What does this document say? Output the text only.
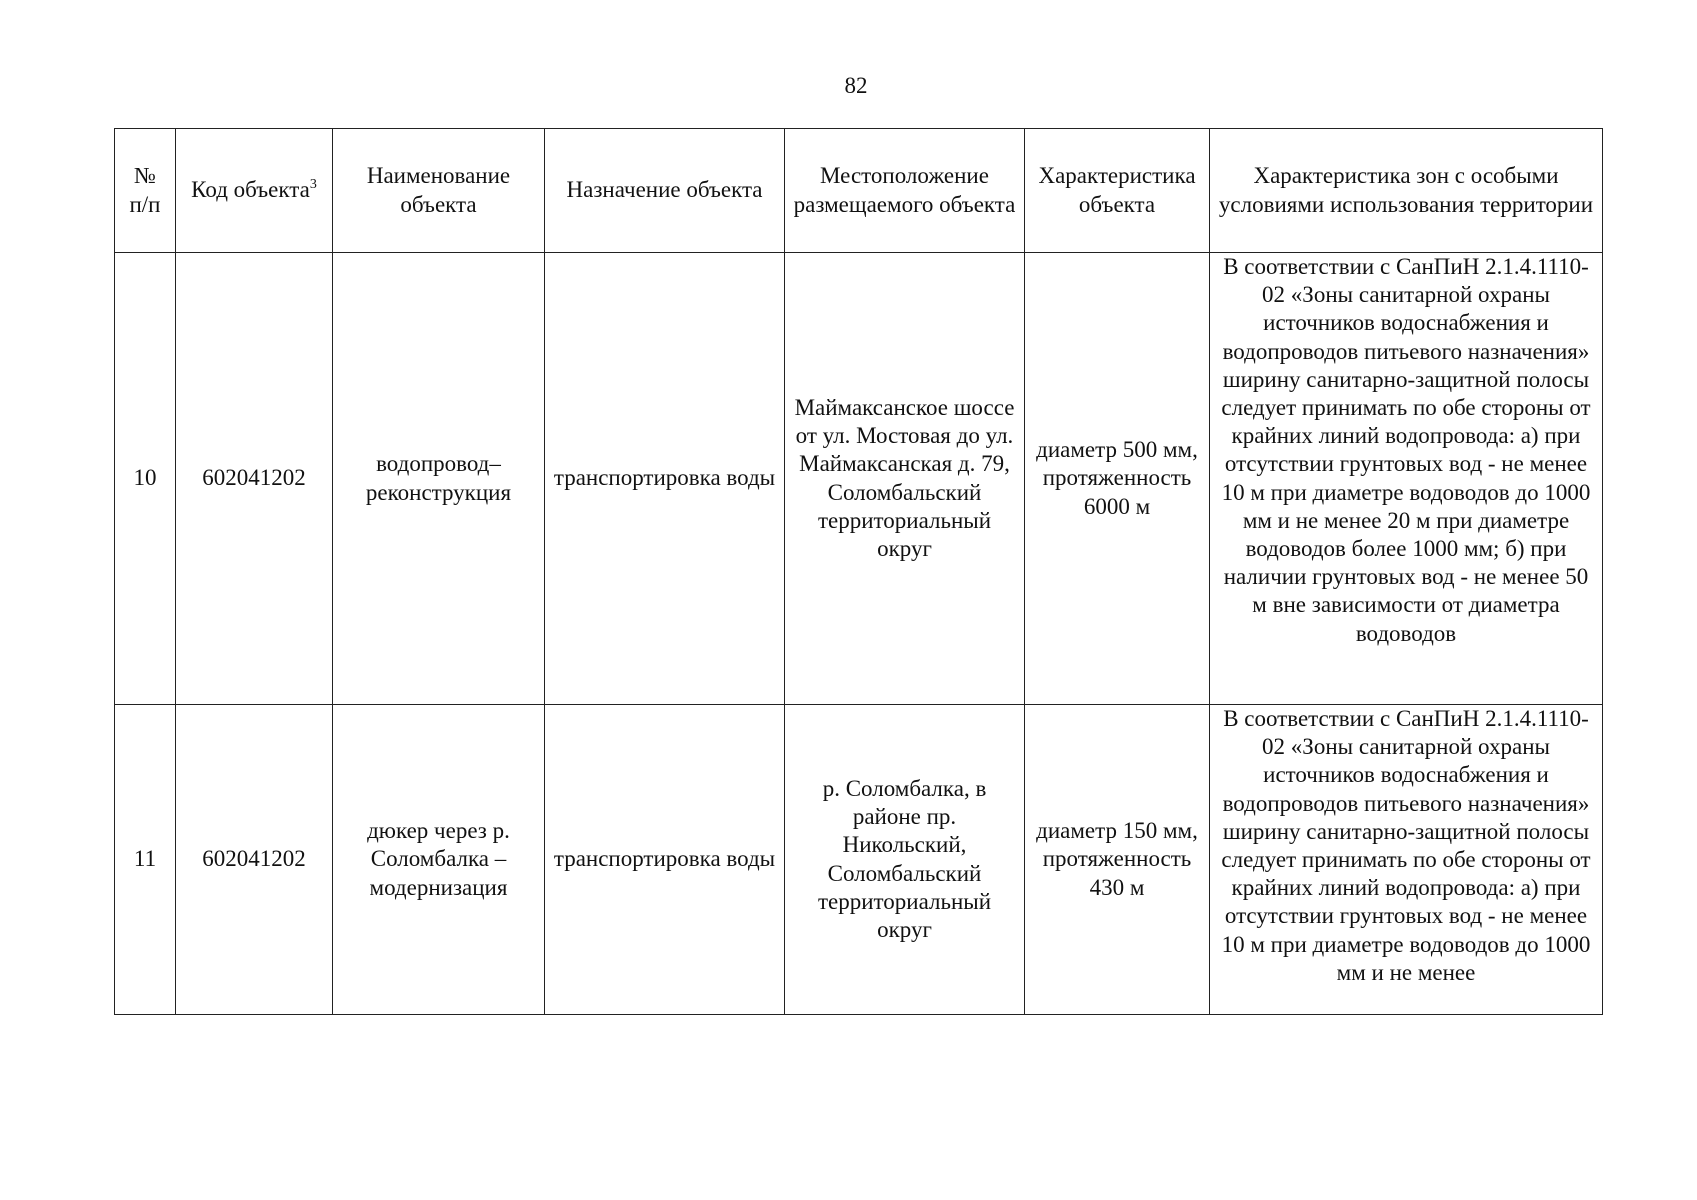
82
№ п/п	Код объекта$^3$	Наименование объекта	Назначение объекта	Местоположение размещаемого объекта	Характеристика объекта	Характеристика зон с особыми условиями использования территории
10	602041202	водопровод–реконструкция	транспортировка воды	Маймаксанское шоссе от ул. Мостовая до ул. Маймаксанская д. 79, Соломбальский территориальный округ	диаметр 500 мм, протяженность 6000 м	В соответствии с СанПиН 2.1.4.1110-02 «Зоны санитарной охраны источников водоснабжения и водопроводов питьевого назначения» ширину санитарно-защитной полосы следует принимать по обе стороны от крайних линий водопровода: а) при отсутствии грунтовых вод - не менее 10 м при диаметре водоводов до 1000 мм и не менее 20 м при диаметре водоводов более 1000 мм; б) при наличии грунтовых вод - не менее 50 м вне зависимости от диаметра водоводов

11	602041202	дюкер через р. Соломбалка – модернизация	транспортировка воды	р. Соломбалка, в районе пр. Никольский, Соломбальский территориальный округ	диаметр 150 мм, протяженность 430 м	В соответствии с СанПиН 2.1.4.1110-02 «Зоны санитарной охраны источников водоснабжения и водопроводов питьевого назначения» ширину санитарно-защитной полосы следует принимать по обе стороны от крайних линий водопровода: а) при отсутствии грунтовых вод - не менее 10 м при диаметре водоводов до 1000 мм и не менее
